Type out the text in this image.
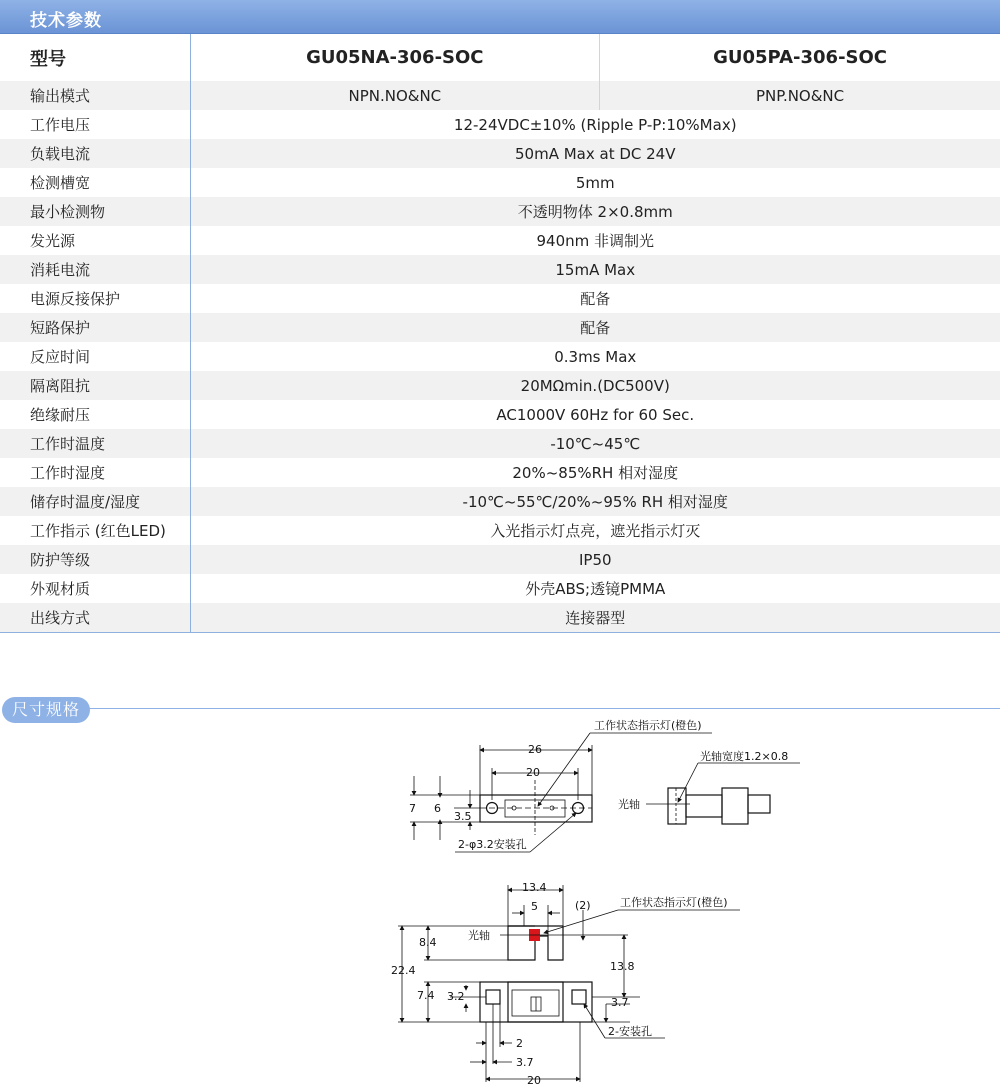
技术参数
型号	GU05NA-306-SOC	GU05PA-306-SOC
输出模式	NPN.NO&NC	PNP.NO&NC
工作电压	12-24VDC±10% (Ripple P-P:10%Max)	
负载电流	50mA Max at DC 24V	
检测槽宽	5mm	
最小检测物	不透明物体 2×0.8mm	
发光源	940nm 非调制光	
消耗电流	15mA Max	
电源反接保护	配备	
短路保护	配备	
反应时间	0.3ms Max	
隔离阻抗	20MΩmin.(DC500V)	
绝缘耐压	AC1000V 60Hz for 60 Sec.	
工作时温度	-10℃~45℃	
工作时湿度	20%~85%RH 相对湿度	
储存时温度/湿度	-10℃~55℃/20%~95% RH 相对湿度	
工作指示 (红色LED)	入光指示灯点亮，遮光指示灯灭	
防护等级	IP50	
外观材质	外壳ABS;透镜PMMA	
出线方式	连接器型	
尺寸规格
26
20
7 6
3.5
工作状态指示灯(橙色)
2-φ3.2安装孔
光轴
光轴宽度1.2×0.8
光轴
13.4
5	(2)	工作状态指示灯(橙色)
22.4
8.4
7.4 3.2
13.8
3.7
2-安装孔
2
3.7
20
